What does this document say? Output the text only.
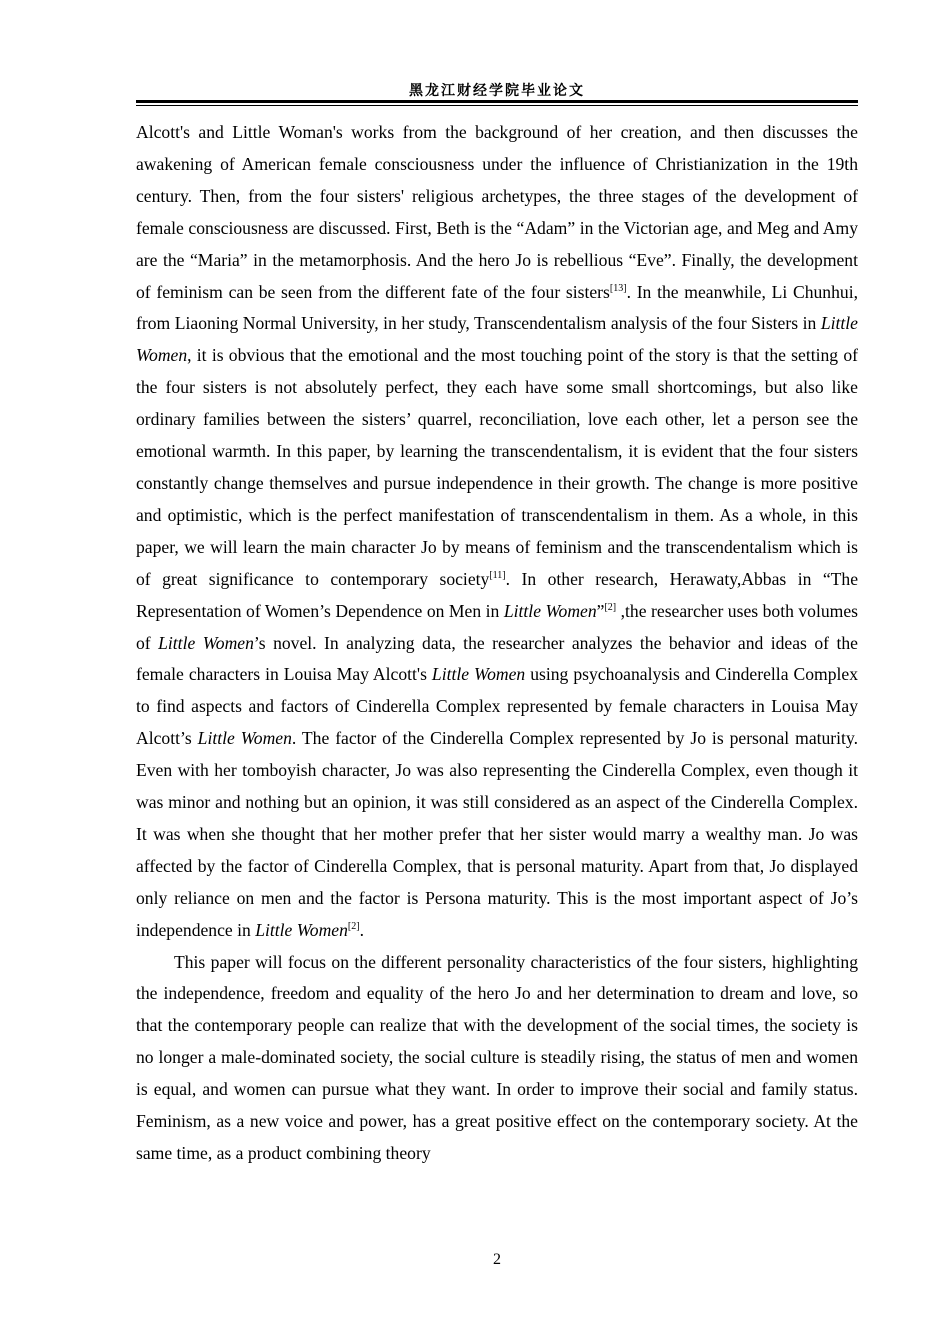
黑龙江财经学院毕业论文

Alcott's and Little Woman's works from the background of her creation, and then discusses the awakening of American female consciousness under the influence of Christianization in the 19th century. Then, from the four sisters' religious archetypes, the three stages of the development of female consciousness are discussed. First, Beth is the “Adam” in the Victorian age, and Meg and Amy are the “Maria” in the metamorphosis. And the hero Jo is rebellious “Eve”. Finally, the development of feminism can be seen from the different fate of the four sisters[13]. In the meanwhile, Li Chunhui, from Liaoning Normal University, in her study, Transcendentalism analysis of the four Sisters in Little Women, it is obvious that the emotional and the most touching point of the story is that the setting of the four sisters is not absolutely perfect, they each have some small shortcomings, but also like ordinary families between the sisters’ quarrel, reconciliation, love each other, let a person see the emotional warmth. In this paper, by learning the transcendentalism, it is evident that the four sisters constantly change themselves and pursue independence in their growth. The change is more positive and optimistic, which is the perfect manifestation of transcendentalism in them. As a whole, in this paper, we will learn the main character Jo by means of feminism and the transcendentalism which is of great significance to contemporary society[11]. In other research, Herawaty,Abbas in “The Representation of Women’s Dependence on Men in Little Women”[2] ,the researcher uses both volumes of Little Women’s novel. In analyzing data, the researcher analyzes the behavior and ideas of the female characters in Louisa May Alcott's Little Women using psychoanalysis and Cinderella Complex to find aspects and factors of Cinderella Complex represented by female characters in Louisa May Alcott’s Little Women. The factor of the Cinderella Complex represented by Jo is personal maturity. Even with her tomboyish character, Jo was also representing the Cinderella Complex, even though it was minor and nothing but an opinion, it was still considered as an aspect of the Cinderella Complex. It was when she thought that her mother prefer that her sister would marry a wealthy man. Jo was affected by the factor of Cinderella Complex, that is personal maturity. Apart from that, Jo displayed only reliance on men and the factor is Persona maturity. This is the most important aspect of Jo’s independence in Little Women[2].

This paper will focus on the different personality characteristics of the four sisters, highlighting the independence, freedom and equality of the hero Jo and her determination to dream and love, so that the contemporary people can realize that with the development of the social times, the society is no longer a male-dominated society, the social culture is steadily rising, the status of men and women is equal, and women can pursue what they want. In order to improve their social and family status. Feminism, as a new voice and power, has a great positive effect on the contemporary society. At the same time, as a product combining theory

2
